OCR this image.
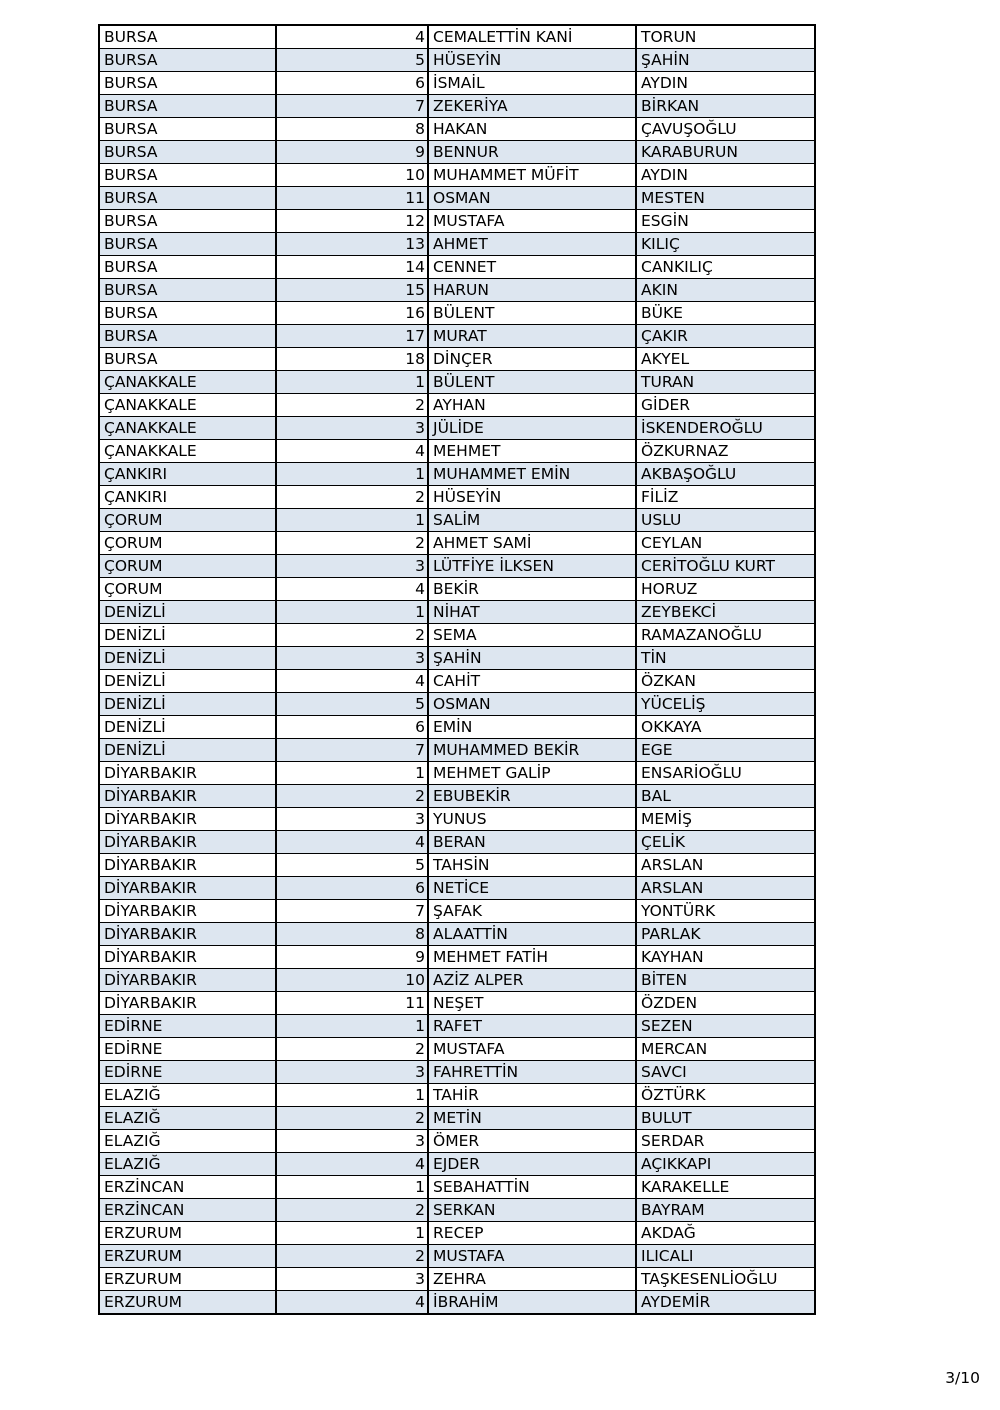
BURSA	4	CEMALETTİN KANİ	TORUN
BURSA	5	HÜSEYİN	ŞAHİN
BURSA	6	İSMAİL	AYDIN
BURSA	7	ZEKERİYA	BİRKAN
BURSA	8	HAKAN	ÇAVUŞOĞLU
BURSA	9	BENNUR	KARABURUN
BURSA	10	MUHAMMET MÜFİT	AYDIN
BURSA	11	OSMAN	MESTEN
BURSA	12	MUSTAFA	ESGİN
BURSA	13	AHMET	KILIÇ
BURSA	14	CENNET	CANKILIÇ
BURSA	15	HARUN	AKIN
BURSA	16	BÜLENT	BÜKE
BURSA	17	MURAT	ÇAKIR
BURSA	18	DİNÇER	AKYEL
ÇANAKKALE	1	BÜLENT	TURAN
ÇANAKKALE	2	AYHAN	GİDER
ÇANAKKALE	3	JÜLİDE	İSKENDEROĞLU
ÇANAKKALE	4	MEHMET	ÖZKURNAZ
ÇANKIRI	1	MUHAMMET EMİN	AKBAŞOĞLU
ÇANKIRI	2	HÜSEYİN	FİLİZ
ÇORUM	1	SALİM	USLU
ÇORUM	2	AHMET SAMİ	CEYLAN
ÇORUM	3	LÜTFİYE İLKSEN	CERİTOĞLU KURT
ÇORUM	4	BEKİR	HORUZ
DENİZLİ	1	NİHAT	ZEYBEKCİ
DENİZLİ	2	SEMA	RAMAZANOĞLU
DENİZLİ	3	ŞAHİN	TİN
DENİZLİ	4	CAHİT	ÖZKAN
DENİZLİ	5	OSMAN	YÜCELİŞ
DENİZLİ	6	EMİN	OKKAYA
DENİZLİ	7	MUHAMMED BEKİR	EGE
DİYARBAKIR	1	MEHMET GALİP	ENSARİOĞLU
DİYARBAKIR	2	EBUBEKİR	BAL
DİYARBAKIR	3	YUNUS	MEMİŞ
DİYARBAKIR	4	BERAN	ÇELİK
DİYARBAKIR	5	TAHSİN	ARSLAN
DİYARBAKIR	6	NETİCE	ARSLAN
DİYARBAKIR	7	ŞAFAK	YONTÜRK
DİYARBAKIR	8	ALAATTİN	PARLAK
DİYARBAKIR	9	MEHMET FATİH	KAYHAN
DİYARBAKIR	10	AZİZ ALPER	BİTEN
DİYARBAKIR	11	NEŞET	ÖZDEN
EDİRNE	1	RAFET	SEZEN
EDİRNE	2	MUSTAFA	MERCAN
EDİRNE	3	FAHRETTİN	SAVCI
ELAZIĞ	1	TAHİR	ÖZTÜRK
ELAZIĞ	2	METİN	BULUT
ELAZIĞ	3	ÖMER	SERDAR
ELAZIĞ	4	EJDER	AÇIKKAPI
ERZİNCAN	1	SEBAHATTİN	KARAKELLE
ERZİNCAN	2	SERKAN	BAYRAM
ERZURUM	1	RECEP	AKDAĞ
ERZURUM	2	MUSTAFA	ILICALI
ERZURUM	3	ZEHRA	TAŞKESENLİOĞLU
ERZURUM	4	İBRAHİM	AYDEMİR
3/10
